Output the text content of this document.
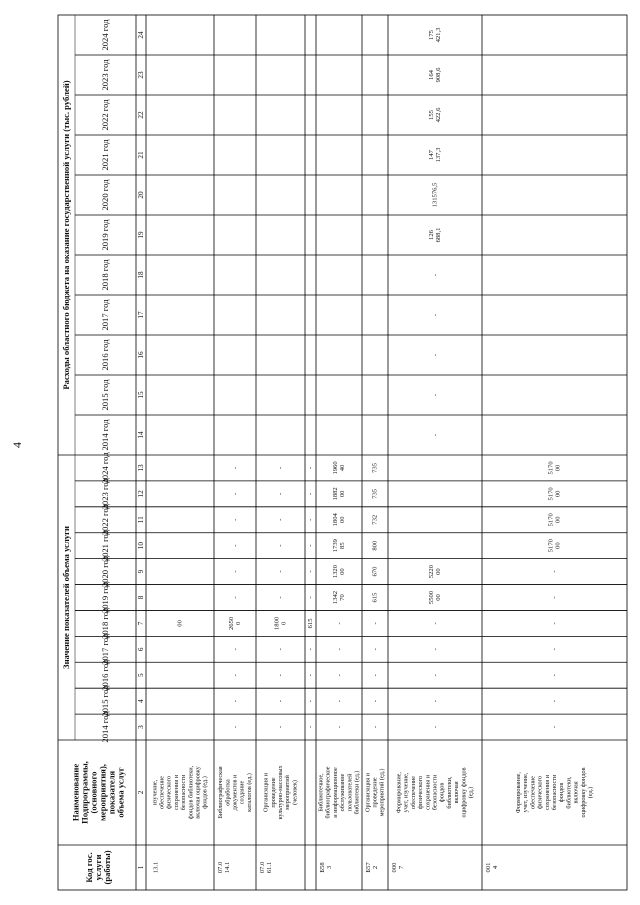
4
Код гос. услуги (работы)
Наименование Подпрограммы, (основного мероприятия), показателя объема услуг
Значение показателей объема услуги
Расходы областного бюджета на оказание государственной услуги (тыс. рублей)
2014 год
2014 год
3
14
2015 год
2015 год
4
15
2016 год
2016 год
5
16
2017 год
2017 год
6
17
2018 год
2018 год
7
18
2019 год
2019 год
8
19
2020 год
2020 год
9
20
2021 год
2021 год
10
21
2022 год
2022 год
11
22
2023 год
2023 год
12
23
2024 год
2024 год
13
24
1
2
13.1
изучение, обеспечение физического сохранения и безопасности фондов библиотеки, включая оцифровку фондов (ед.)
00
07.0 14.1
Библиографическая обработка документов и создание каталогов (ед.)
-
-
-
-
2650 0
-
-
-
-
-
-
07.0 61.1
Организация и проведение культурно-массовых мероприятий (человек)
-
-
-
-
1800 0
-
-
-
-
-
-
-
-
-
-
615
-
-
-
-
-
-
Б58 3
Библиотечное, библиографическое и информационное обслуживание пользователей библиотеки (ед.)
-
-
-
-
-
1342 70
1320 00
1739 85
1804 00
1882 00
1960 40
Б57 2
Организация и проведение мероприятий (ед.)
-
-
-
-
-
615
670
800
732
735
735
000 7
Формирование, учет, изучение, обеспечение физического сохранения и безопасности фондов библиотеки, включая оцифровку фондов (ед.)
-
-
-
-
-
5500 00
5220 00
-
-
-
-
-
126 688,1
131576,5
147 137,3
155 422,6
164 908,6
175 421,3
001 4
Формирование, учет, изучение, обеспечение физического сохранения и безопасности фондов библиотеки, включая оцифровку фондов (ед.)
-
-
-
-
-
-
-
5170 00
5170 00
5170 00
5170 00
